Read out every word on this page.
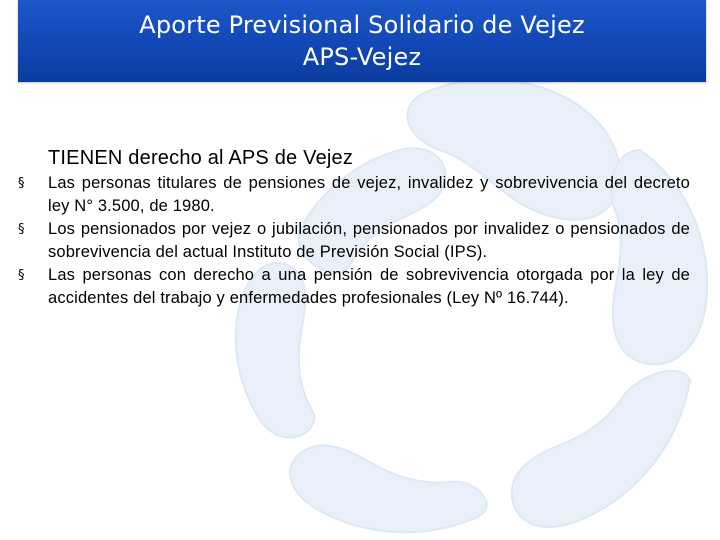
Aporte Previsional Solidario de Vejez
APS-Vejez
TIENEN derecho al APS de Vejez
§	Las personas titulares de pensiones de vejez, invalidez y sobrevivencia del decreto ley N° 3.500, de 1980.
§	Los pensionados por vejez o jubilación, pensionados por invalidez o pensionados de sobrevivencia del actual Instituto de Previsión Social (IPS).
§	Las personas con derecho a una pensión de sobrevivencia otorgada por la ley de accidentes del trabajo y enfermedades profesionales (Ley Nº 16.744).
